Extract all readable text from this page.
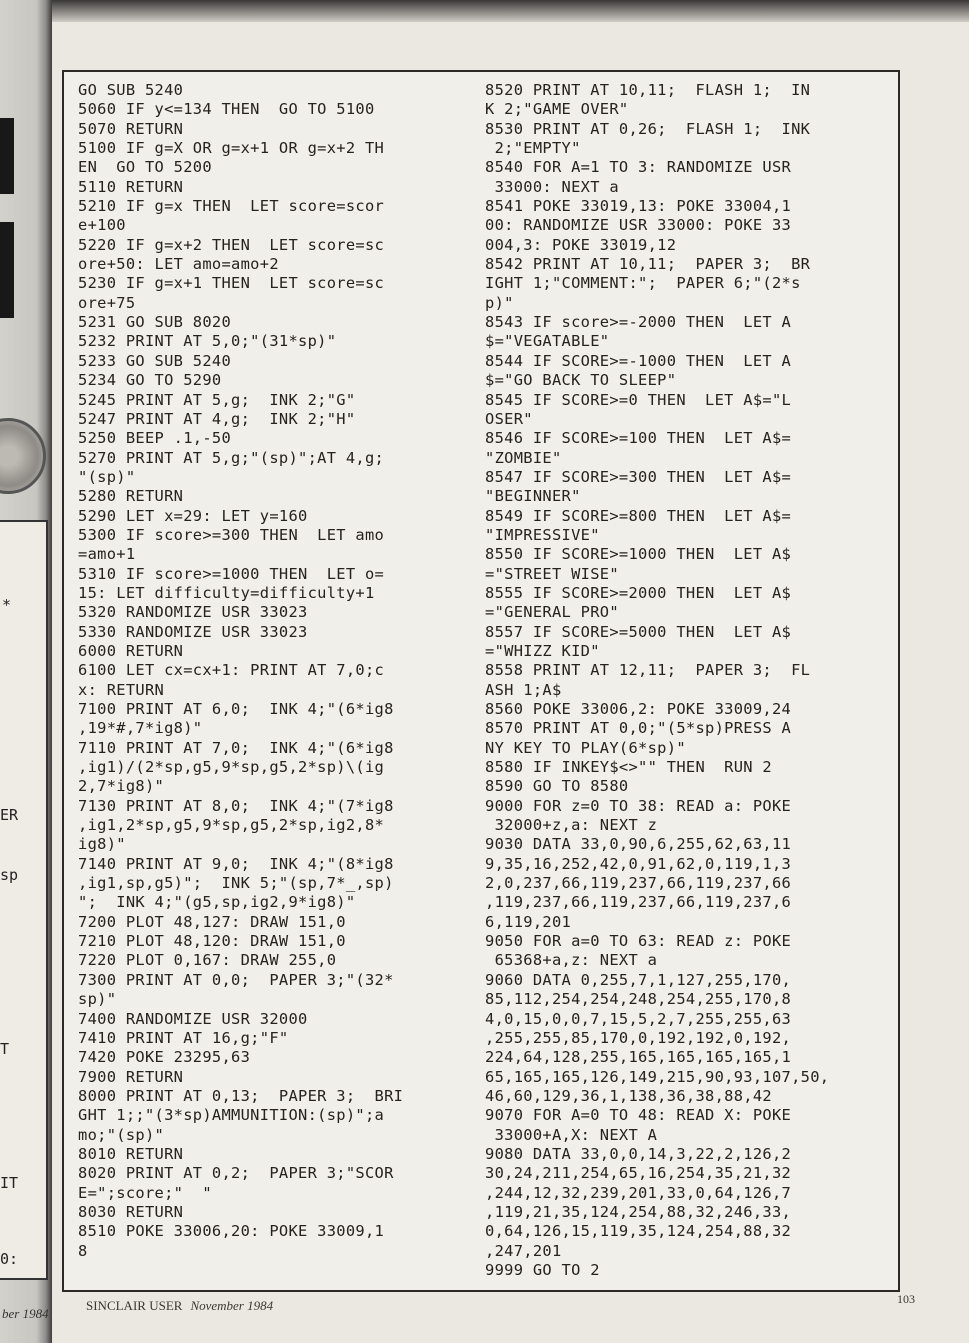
*
ER
sp
T
IT
0:
ber 1984
GO SUB 5240
5060 IF y<=134 THEN  GO TO 5100
5070 RETURN
5100 IF g=X OR g=x+1 OR g=x+2 TH
EN  GO TO 5200
5110 RETURN
5210 IF g=x THEN  LET score=scor
e+100
5220 IF g=x+2 THEN  LET score=sc
ore+50: LET amo=amo+2
5230 IF g=x+1 THEN  LET score=sc
ore+75
5231 GO SUB 8020
5232 PRINT AT 5,0;"(31*sp)"
5233 GO SUB 5240
5234 GO TO 5290
5245 PRINT AT 5,g;  INK 2;"G"
5247 PRINT AT 4,g;  INK 2;"H"
5250 BEEP .1,-50
5270 PRINT AT 5,g;"(sp)";AT 4,g;
"(sp)"
5280 RETURN
5290 LET x=29: LET y=160
5300 IF score>=300 THEN  LET amo
=amo+1
5310 IF score>=1000 THEN  LET o=
15: LET difficulty=difficulty+1
5320 RANDOMIZE USR 33023
5330 RANDOMIZE USR 33023
6000 RETURN
6100 LET cx=cx+1: PRINT AT 7,0;c
x: RETURN
7100 PRINT AT 6,0;  INK 4;"(6*ig8
,19*#,7*ig8)"
7110 PRINT AT 7,0;  INK 4;"(6*ig8
,ig1)/(2*sp,g5,9*sp,g5,2*sp)\(ig
2,7*ig8)"
7130 PRINT AT 8,0;  INK 4;"(7*ig8
,ig1,2*sp,g5,9*sp,g5,2*sp,ig2,8*
ig8)"
7140 PRINT AT 9,0;  INK 4;"(8*ig8
,ig1,sp,g5)";  INK 5;"(sp,7*_,sp)
";  INK 4;"(g5,sp,ig2,9*ig8)"
7200 PLOT 48,127: DRAW 151,0
7210 PLOT 48,120: DRAW 151,0
7220 PLOT 0,167: DRAW 255,0
7300 PRINT AT 0,0;  PAPER 3;"(32*
sp)"
7400 RANDOMIZE USR 32000
7410 PRINT AT 16,g;"F"
7420 POKE 23295,63
7900 RETURN
8000 PRINT AT 0,13;  PAPER 3;  BRI
GHT 1;;"(3*sp)AMMUNITION:(sp)";a
mo;"(sp)"
8010 RETURN
8020 PRINT AT 0,2;  PAPER 3;"SCOR
E=";score;"  "
8030 RETURN
8510 POKE 33006,20: POKE 33009,1
8
8520 PRINT AT 10,11;  FLASH 1;  IN
K 2;"GAME OVER"
8530 PRINT AT 0,26;  FLASH 1;  INK
2;"EMPTY"
8540 FOR A=1 TO 3: RANDOMIZE USR
33000: NEXT a
8541 POKE 33019,13: POKE 33004,1
00: RANDOMIZE USR 33000: POKE 33
004,3: POKE 33019,12
8542 PRINT AT 10,11;  PAPER 3;  BR
IGHT 1;"COMMENT:";  PAPER 6;"(2*s
p)"
8543 IF score>=-2000 THEN  LET A
$="VEGATABLE"
8544 IF SCORE>=-1000 THEN  LET A
$="GO BACK TO SLEEP"
8545 IF SCORE>=0 THEN  LET A$="L
OSER"
8546 IF SCORE>=100 THEN  LET A$=
"ZOMBIE"
8547 IF SCORE>=300 THEN  LET A$=
"BEGINNER"
8549 IF SCORE>=800 THEN  LET A$=
"IMPRESSIVE"
8550 IF SCORE>=1000 THEN  LET A$
="STREET WISE"
8555 IF SCORE>=2000 THEN  LET A$
="GENERAL PRO"
8557 IF SCORE>=5000 THEN  LET A$
="WHIZZ KID"
8558 PRINT AT 12,11;  PAPER 3;  FL
ASH 1;A$
8560 POKE 33006,2: POKE 33009,24
8570 PRINT AT 0,0;"(5*sp)PRESS A
NY KEY TO PLAY(6*sp)"
8580 IF INKEY$<>"" THEN  RUN 2
8590 GO TO 8580
9000 FOR z=0 TO 38: READ a: POKE
32000+z,a: NEXT z
9030 DATA 33,0,90,6,255,62,63,11
9,35,16,252,42,0,91,62,0,119,1,3
2,0,237,66,119,237,66,119,237,66
,119,237,66,119,237,66,119,237,6
6,119,201
9050 FOR a=0 TO 63: READ z: POKE
65368+a,z: NEXT a
9060 DATA 0,255,7,1,127,255,170,
85,112,254,254,248,254,255,170,8
4,0,15,0,0,7,15,5,2,7,255,255,63
,255,255,85,170,0,192,192,0,192,
224,64,128,255,165,165,165,165,1
65,165,165,126,149,215,90,93,107,50,
46,60,129,36,1,138,36,38,88,42
9070 FOR A=0 TO 48: READ X: POKE
33000+A,X: NEXT A
9080 DATA 33,0,0,14,3,22,2,126,2
30,24,211,254,65,16,254,35,21,32
,244,12,32,239,201,33,0,64,126,7
,119,21,35,124,254,88,32,246,33,
0,64,126,15,119,35,124,254,88,32
,247,201
9999 GO TO 2
SINCLAIR USER November 1984	103
